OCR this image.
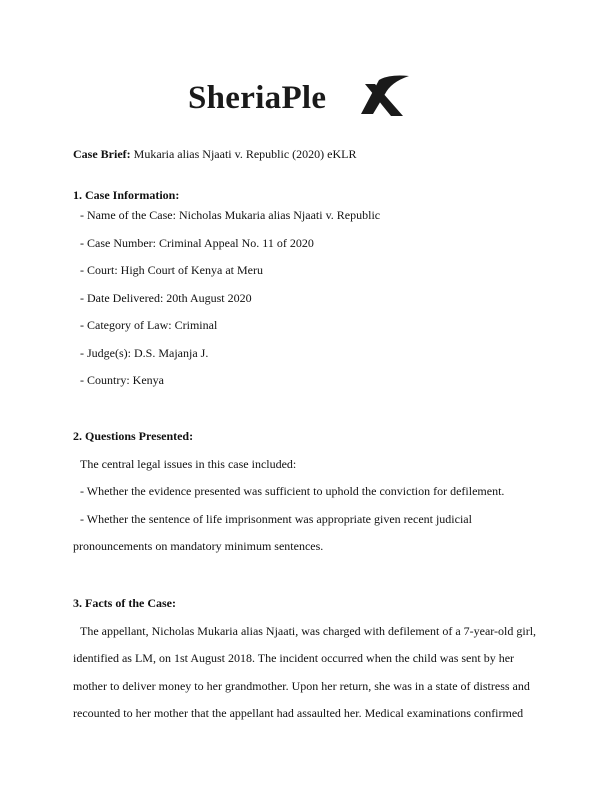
SheriaPle
Case Brief: Mukaria alias Njaati v. Republic (2020) eKLR
1. Case Information:
- Name of the Case: Nicholas Mukaria alias Njaati v. Republic
- Case Number: Criminal Appeal No. 11 of 2020
- Court: High Court of Kenya at Meru
- Date Delivered: 20th August 2020
- Category of Law: Criminal
- Judge(s): D.S. Majanja J.
- Country: Kenya
2. Questions Presented:
The central legal issues in this case included:
- Whether the evidence presented was sufficient to uphold the conviction for defilement.
- Whether the sentence of life imprisonment was appropriate given recent judicial
pronouncements on mandatory minimum sentences.
3. Facts of the Case:
The appellant, Nicholas Mukaria alias Njaati, was charged with defilement of a 7-year-old girl,
identified as LM, on 1st August 2018. The incident occurred when the child was sent by her
mother to deliver money to her grandmother. Upon her return, she was in a state of distress and
recounted to her mother that the appellant had assaulted her. Medical examinations confirmed
